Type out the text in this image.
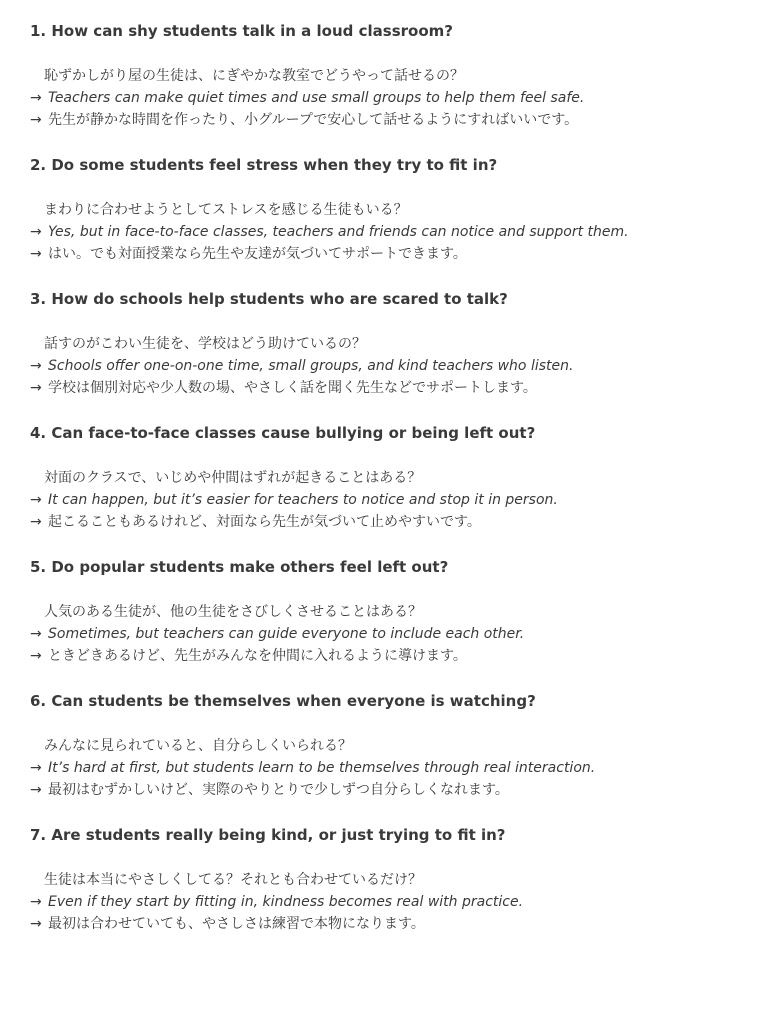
1. How can shy students talk in a loud classroom?
恥ずかしがり屋の生徒は、にぎやかな教室でどうやって話せるの？
→ Teachers can make quiet times and use small groups to help them feel safe.
→ 先生が静かな時間を作ったり、小グループで安心して話せるようにすればいいです。
2. Do some students feel stress when they try to fit in?
まわりに合わせようとしてストレスを感じる生徒もいる？
→ Yes, but in face-to-face classes, teachers and friends can notice and support them.
→ はい。でも対面授業なら先生や友達が気づいてサポートできます。
3. How do schools help students who are scared to talk?
話すのがこわい生徒を、学校はどう助けているの？
→ Schools offer one-on-one time, small groups, and kind teachers who listen.
→ 学校は個別対応や少人数の場、やさしく話を聞く先生などでサポートします。
4. Can face-to-face classes cause bullying or being left out?
対面のクラスで、いじめや仲間はずれが起きることはある？
→ It can happen, but it’s easier for teachers to notice and stop it in person.
→ 起こることもあるけれど、対面なら先生が気づいて止めやすいです。
5. Do popular students make others feel left out?
人気のある生徒が、他の生徒をさびしくさせることはある？
→ Sometimes, but teachers can guide everyone to include each other.
→ ときどきあるけど、先生がみんなを仲間に入れるように導けます。
6. Can students be themselves when everyone is watching?
みんなに見られていると、自分らしくいられる？
→ It’s hard at first, but students learn to be themselves through real interaction.
→ 最初はむずかしいけど、実際のやりとりで少しずつ自分らしくなれます。
7. Are students really being kind, or just trying to fit in?
生徒は本当にやさしくしてる？それとも合わせているだけ？
→ Even if they start by fitting in, kindness becomes real with practice.
→ 最初は合わせていても、やさしさは練習で本物になります。
